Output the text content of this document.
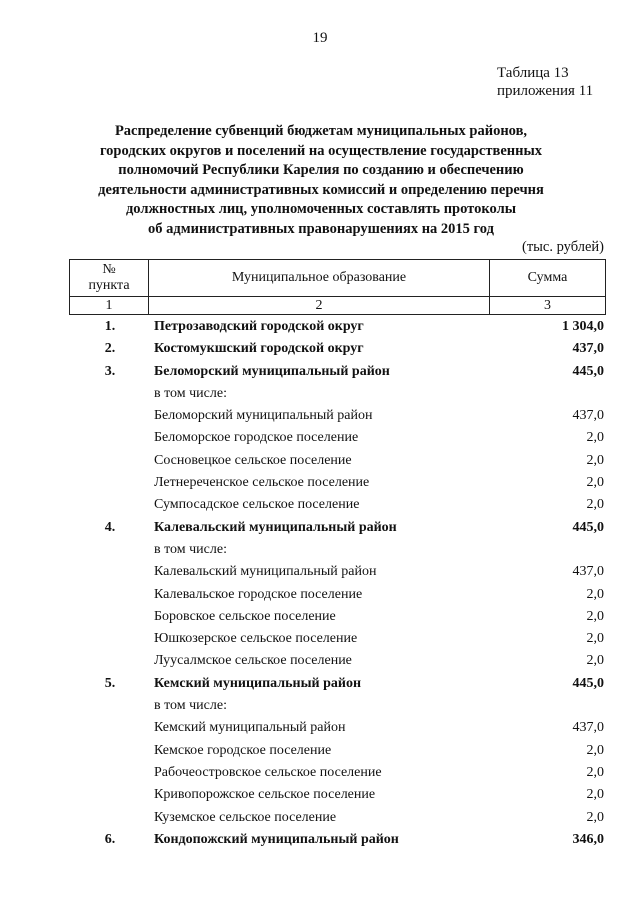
19
Таблица 13
приложения 11
Распределение субвенций бюджетам муниципальных районов,
городских округов и поселений на осуществление государственных
полномочий Республики Карелия по созданию и обеспечению
деятельности административных комиссий и определению перечня
должностных лиц, уполномоченных составлять протоколы
об административных правонарушениях на 2015 год
(тыс. рублей)
№
пункта	Муниципальное образование	Сумма
1	2	3
1.	Петрозаводский городской округ	1 304,0
2.	Костомукшский городской округ	437,0
3.	Беломорский муниципальный район	445,0
в том числе:
Беломорский муниципальный район	437,0
Беломорское городское поселение	2,0
Сосновецкое сельское поселение	2,0
Летнереченское сельское поселение	2,0
Сумпосадское сельское поселение	2,0
4.	Калевальский муниципальный район	445,0
в том числе:
Калевальский муниципальный район	437,0
Калевальское городское поселение	2,0
Боровское сельское поселение	2,0
Юшкозерское сельское поселение	2,0
Луусалмское сельское поселение	2,0
5.	Кемский муниципальный район	445,0
в том числе:
Кемский муниципальный район	437,0
Кемское городское поселение	2,0
Рабочеостровское сельское поселение	2,0
Кривопорожское сельское поселение	2,0
Куземское сельское поселение	2,0
6.	Кондопожский муниципальный район	346,0
